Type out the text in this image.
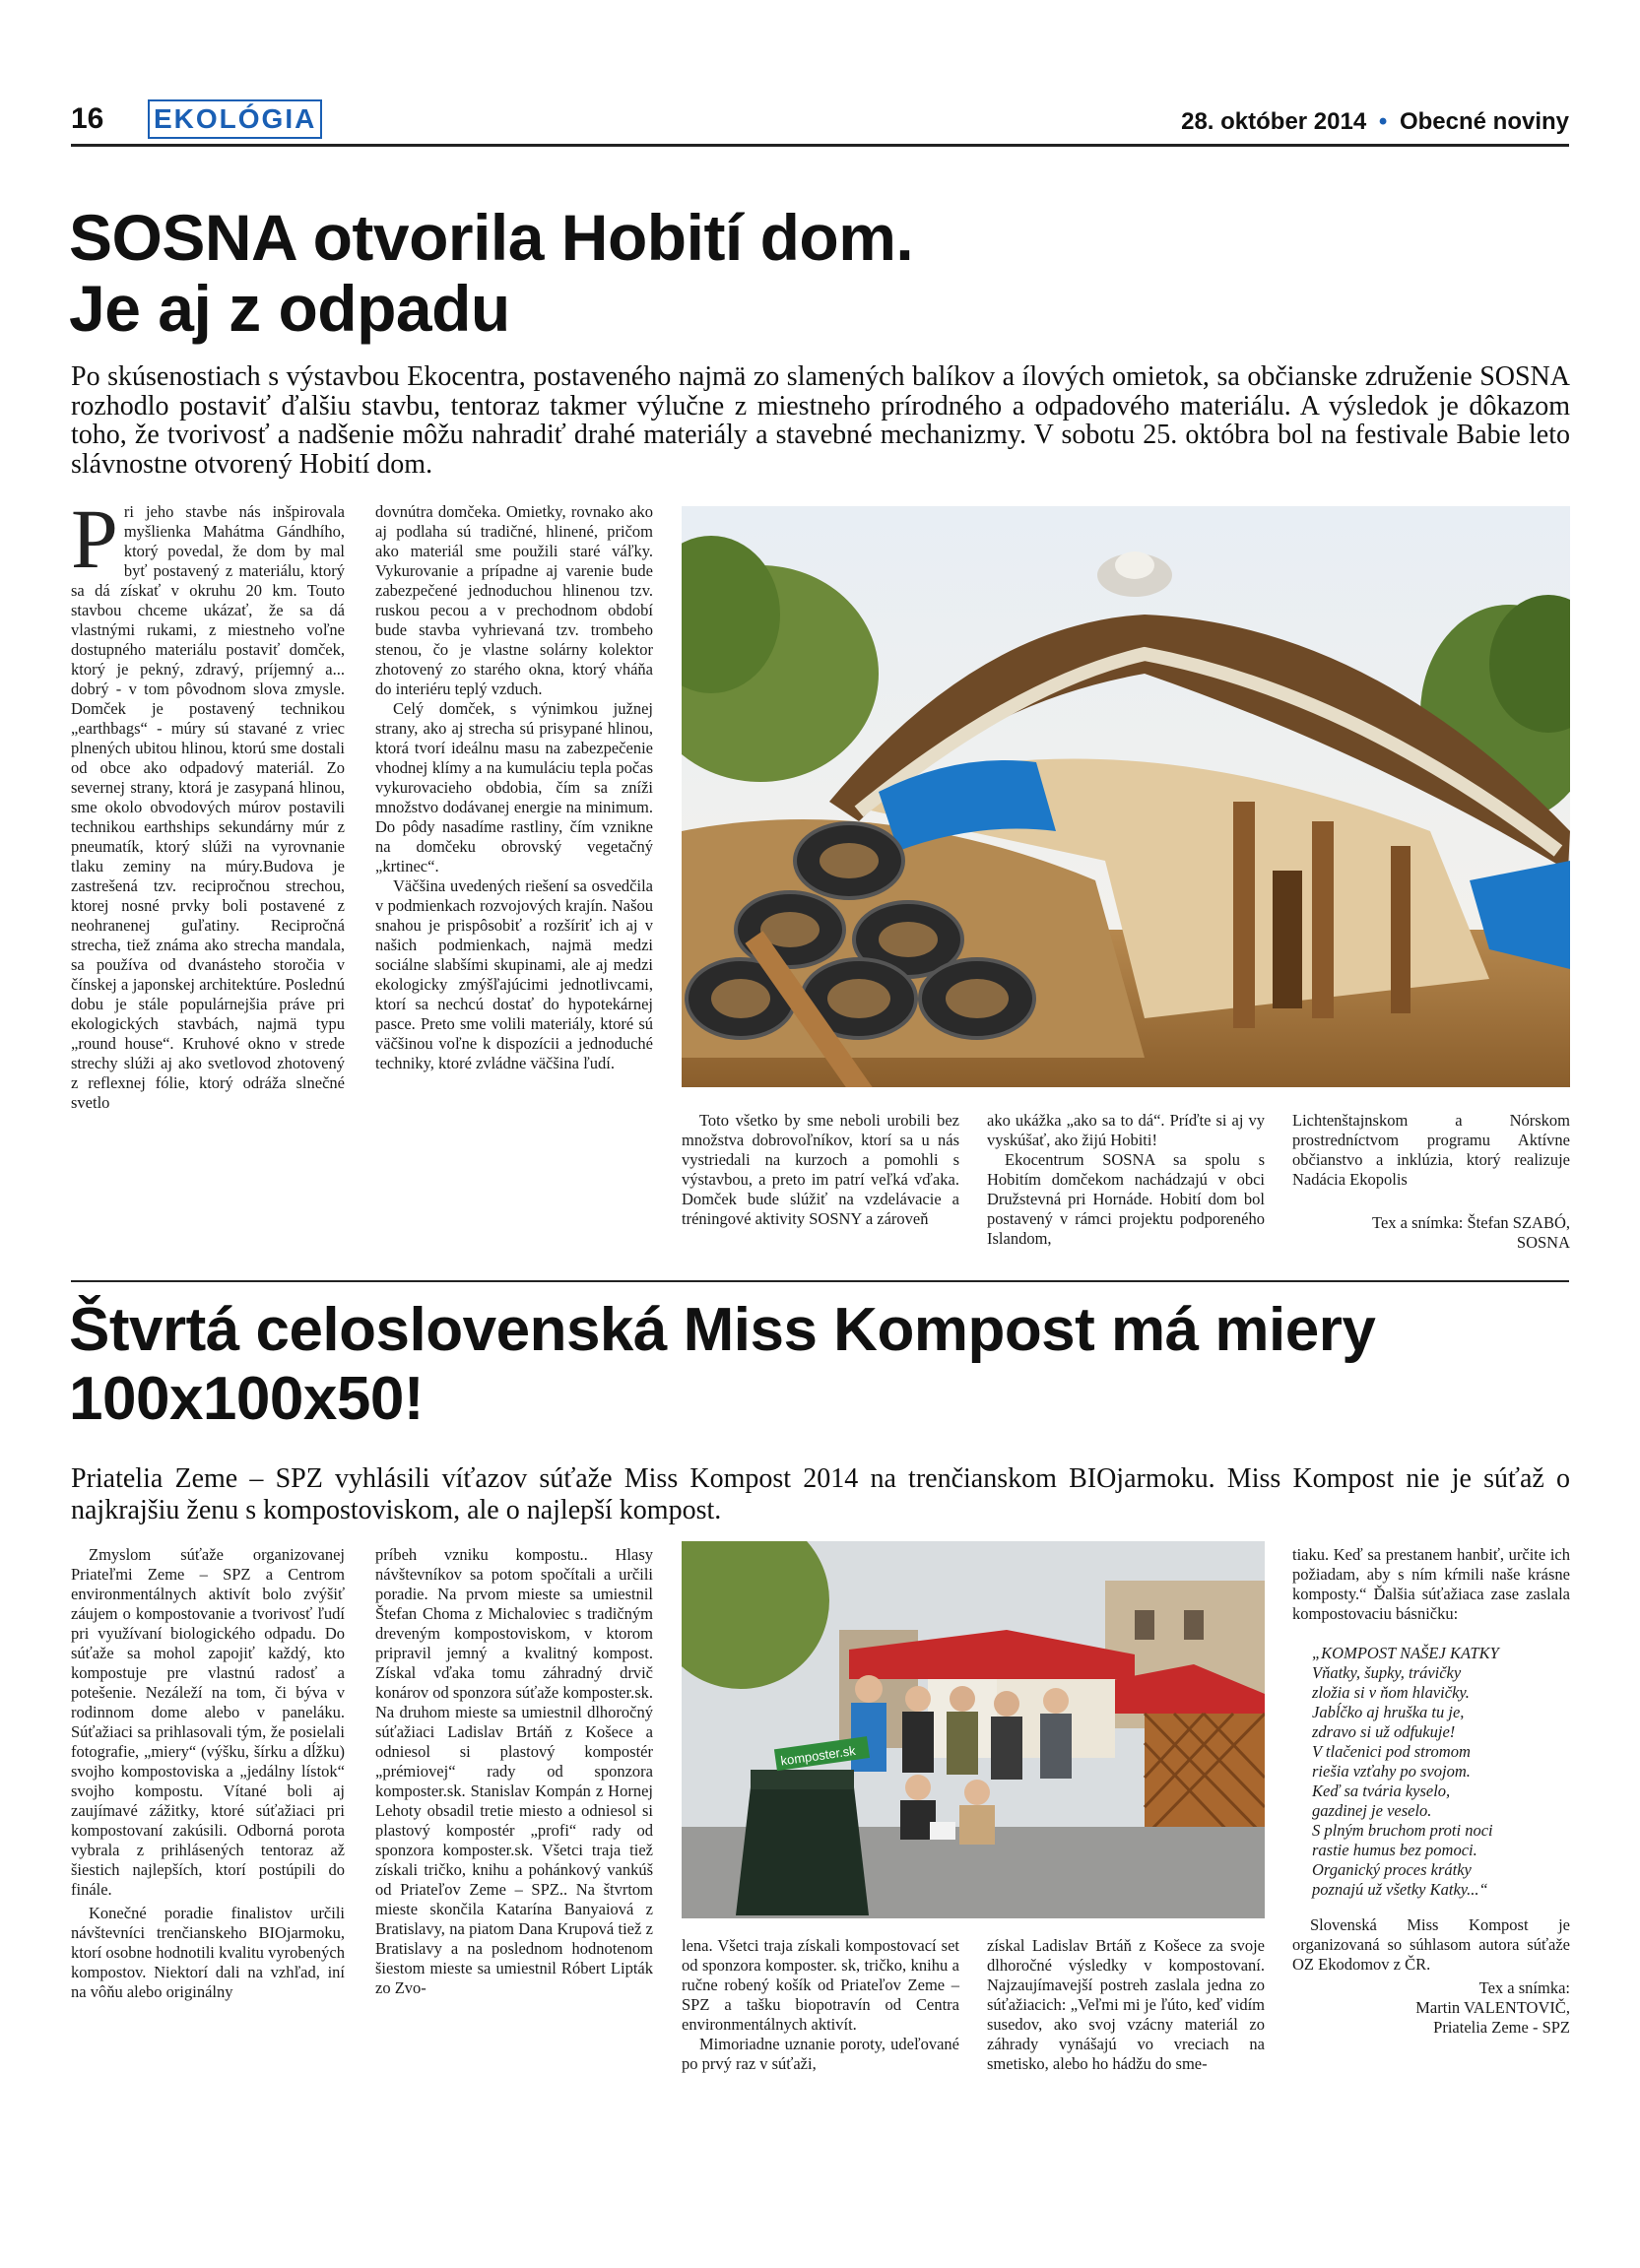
16 EKOLÓGIA	28. október 2014 • Obecné noviny
SOSNA otvorila Hobití dom.
Je aj z odpadu
Po skúsenostiach s výstavbou Ekocentra, postaveného najmä zo slamených balíkov a ílových omietok, sa občianske združenie SOSNA rozhodlo postaviť ďalšiu stavbu, tentoraz takmer výlučne z miestneho prírodného a odpadového materiálu. A výsledok je dôkazom toho, že tvorivosť a nadšenie môžu nahradiť drahé materiály a stavebné mechanizmy. V sobotu 25. októbra bol na festivale Babie leto slávnostne otvorený Hobití dom.
P ri jeho stavbe nás inšpirovala myšlienka Mahátma Gándhího, ktorý povedal, že dom by mal byť postavený z materiálu, ktorý sa dá získať v okruhu 20 km. Touto stavbou chceme ukázať, že sa dá vlastnými rukami, z miestneho voľne dostupného materiálu postaviť domček, ktorý je pekný, zdravý, príjemný a... dobrý - v tom pôvodnom slova zmysle. Domček je postavený technikou „earthbags“ - múry sú stavané z vriec plnených ubitou hlinou, ktorú sme dostali od obce ako odpadový materiál. Zo severnej strany, ktorá je zasypaná hlinou, sme okolo obvodových múrov postavili technikou earthships sekundárny múr z pneumatík, ktorý slúži na vyrovnanie tlaku zeminy na múry.Budova je zastrešená tzv. recipročnou strechou, ktorej nosné prvky boli postavené z neohranenej guľatiny. Recipročná strecha, tiež známa ako strecha mandala, sa používa od dvanásteho storočia v čínskej a japonskej architektúre. Poslednú dobu je stále populárnejšia práve pri ekologických stavbách, najmä typu „round house“. Kruhové okno v strede strechy slúži aj ako svetlovod zhotovený z reflexnej fólie, ktorý odráža slnečné svetlo

dovnútra domčeka. Omietky, rovnako ako aj podlaha sú tradičné, hlinené, pričom ako materiál sme použili staré váľky. Vykurovanie a prípadne aj varenie bude zabezpečené jednoduchou hlinenou tzv. ruskou pecou a v prechodnom období bude stavba vyhrievaná tzv. trombeho stenou, čo je vlastne solárny kolektor zhotovený zo starého okna, ktorý vháňa do interiéru teplý vzduch.

Celý domček, s výnimkou južnej strany, ako aj strecha sú prisypané hlinou, ktorá tvorí ideálnu masu na zabezpečenie vhodnej klímy a na kumuláciu tepla počas vykurovacieho obdobia, čím sa zníži množstvo dodávanej energie na minimum. Do pôdy nasadíme rastliny, čím vznikne na domčeku obrovský vegetačný „krtinec“.

Väčšina uvedených riešení sa osvedčila v podmienkach rozvojových krajín. Našou snahou je prispôsobiť a rozšíriť ich aj v našich podmienkach, najmä medzi sociálne slabšími skupinami, ale aj medzi ekologicky zmýšľajúcimi jednotlivcami, ktorí sa nechcú dostať do hypotekárnej pasce. Preto sme volili materiály, ktoré sú väčšinou voľne k dispozícii a jednoduché techniky, ktoré zvládne väčšina ľudí.

Toto všetko by sme neboli urobili bez množstva dobrovoľníkov, ktorí sa u nás vystriedali na kurzoch a pomohli s výstavbou, a preto im patrí veľká vďaka. Domček bude slúžiť na vzdelávacie a tréningové aktivity SOSNY a zároveň

ako ukážka „ako sa to dá“. Príďte si aj vy vyskúšať, ako žijú Hobiti!

Ekocentrum SOSNA sa spolu s Hobitím domčekom nachádzajú v obci Družstevná pri Hornáde. Hobití dom bol postavený v rámci projektu podporeného Islandom,

Lichtenštajnskom a Nórskom prostredníctvom programu Aktívne občianstvo a inklúzia, ktorý realizuje Nadácia Ekopolis

Tex a snímka: Štefan SZABÓ,
SOSNA
Štvrtá celoslovenská Miss Kompost má miery
100x100x50!
Priatelia Zeme – SPZ vyhlásili víťazov súťaže Miss Kompost 2014 na trenčianskom BIOjarmoku. Miss Kompost nie je súťaž o najkrajšiu ženu s kompostoviskom, ale o najlepší kompost.

Zmyslom súťaže organizovanej Priateľmi Zeme – SPZ a Centrom environmentálnych aktivít bolo zvýšiť záujem o kompostovanie a tvorivosť ľudí pri využívaní biologického odpadu. Do súťaže sa mohol zapojiť každý, kto kompostuje pre vlastnú radosť a potešenie. Nezáleží na tom, či býva v rodinnom dome alebo v paneláku. Súťažiaci sa prihlasovali tým, že posielali fotografie, „miery“ (výšku, šírku a dĺžku) svojho kompostoviska a „jedálny lístok“ svojho kompostu. Vítané boli aj zaujímavé zážitky, ktoré súťažiaci pri kompostovaní zakúsili. Odborná porota vybrala z prihlásených tentoraz až šiestich najlepších, ktorí postúpili do finále.

Konečné poradie finalistov určili návštevníci trenčianskeho BIOjarmoku, ktorí osobne hodnotili kvalitu vyrobených kompostov. Niektorí dali na vzhľad, iní na vôňu alebo originálny

príbeh vzniku kompostu.. Hlasy návštevníkov sa potom spočítali a určili poradie. Na prvom mieste sa umiestnil Štefan Choma z Michaloviec s tradičným dreveným kompostoviskom, v ktorom pripravil jemný a kvalitný kompost. Získal vďaka tomu záhradný drvič konárov od sponzora súťaže komposter.sk. Na druhom mieste sa umiestnil dlhoročný súťažiaci Ladislav Brtáň z Košece a odniesol si plastový kompostér „prémiovej“ rady od sponzora komposter.sk. Stanislav Kompán z Hornej Lehoty obsadil tretie miesto a odniesol si plastový kompostér „profi“ rady od sponzora komposter.sk. Všetci traja tiež získali tričko, knihu a pohánkový vankúš od Priateľov Zeme – SPZ.. Na štvrtom mieste skončila Katarína Banyaiová z Bratislavy, na piatom Dana Krupová tiež z Bratislavy a na poslednom hodnotenom šiestom mieste sa umiestnil Róbert Lipták zo Zvo-

komposter.sk

lena. Všetci traja získali kompostovací set od sponzora komposter. sk, tričko, knihu a ručne robený košík od Priateľov Zeme – SPZ a tašku biopotravín od Centra environmentálnych aktivít.

Mimoriadne uznanie poroty, udeľované po prvý raz v súťaži,

získal Ladislav Brtáň z Košece za svoje dlhoročné výsledky v kompostovaní. Najzaujímavejší postreh zaslala jedna zo súťažiacich: „Veľmi mi je ľúto, keď vidím susedov, ako svoj vzácny materiál zo záhrady vynášajú vo vreciach na smetisko, alebo ho hádžu do sme-

tiaku. Keď sa prestanem hanbiť, určite ich požiadam, aby s ním kŕmili naše krásne komposty.“ Ďalšia súťažiaca zase zaslala kompostovaciu básničku:

„KOMPOST NAŠEJ KATKY

Vňatky, šupky, trávičky

zložia si v ňom hlavičky.

Jabĺčko aj hruška tu je,

zdravo si už odfukuje!

V tlačenici pod stromom

riešia vzťahy po svojom.

Keď sa tvária kyselo,

gazdinej je veselo.

S plným bruchom proti noci

rastie humus bez pomoci.

Organický proces krátky

poznajú už všetky Katky...“

Slovenská Miss Kompost je organizovaná so súhlasom autora súťaže OZ Ekodomov z ČR.

Tex a snímka:
Martin VALENTOVIČ,
Priatelia Zeme - SPZ
